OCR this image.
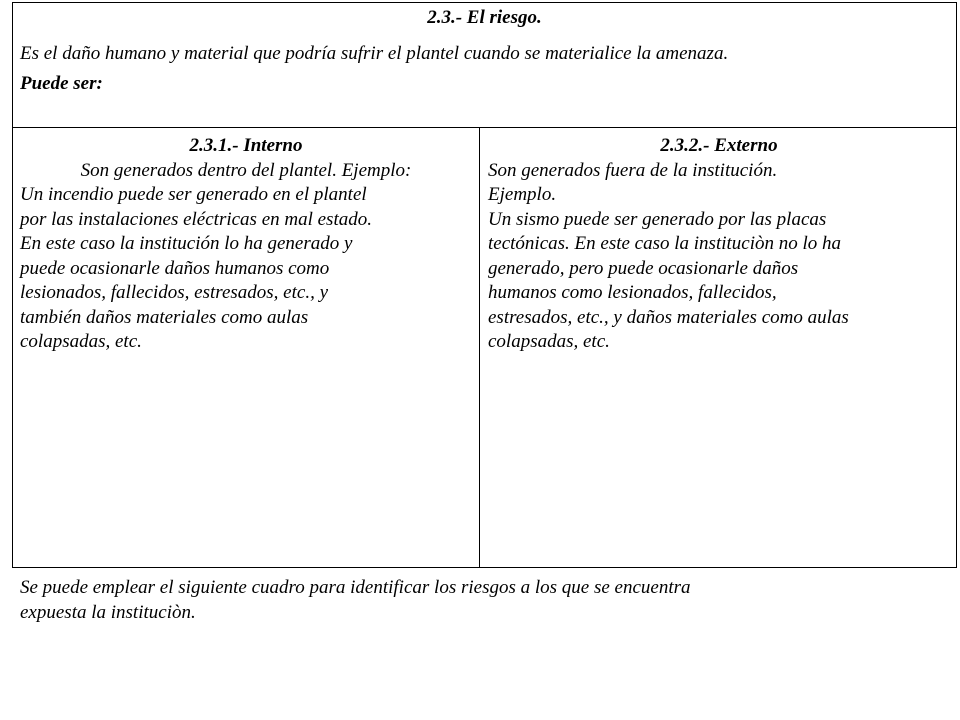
2.3.- El riesgo.
Es el daño humano y material que podría sufrir el plantel cuando se materialice la amenaza.
Puede ser:
2.3.1.- Interno
Son generados dentro del plantel. Ejemplo:
Un incendio puede ser generado en el plantel
por las instalaciones eléctricas en mal estado.
En este caso la institución lo ha generado y
puede ocasionarle daños humanos como
lesionados, fallecidos, estresados, etc., y
también daños materiales como aulas
colapsadas, etc.
2.3.2.- Externo
Son generados fuera de la institución.
Ejemplo.
Un sismo puede ser generado por las placas
tectónicas. En este caso la instituciòn no lo ha
generado, pero puede ocasionarle daños
humanos como lesionados, fallecidos,
estresados, etc., y daños materiales como aulas
colapsadas, etc.
Se puede emplear el siguiente cuadro para identificar los riesgos a los que se encuentra
expuesta la instituciòn.
